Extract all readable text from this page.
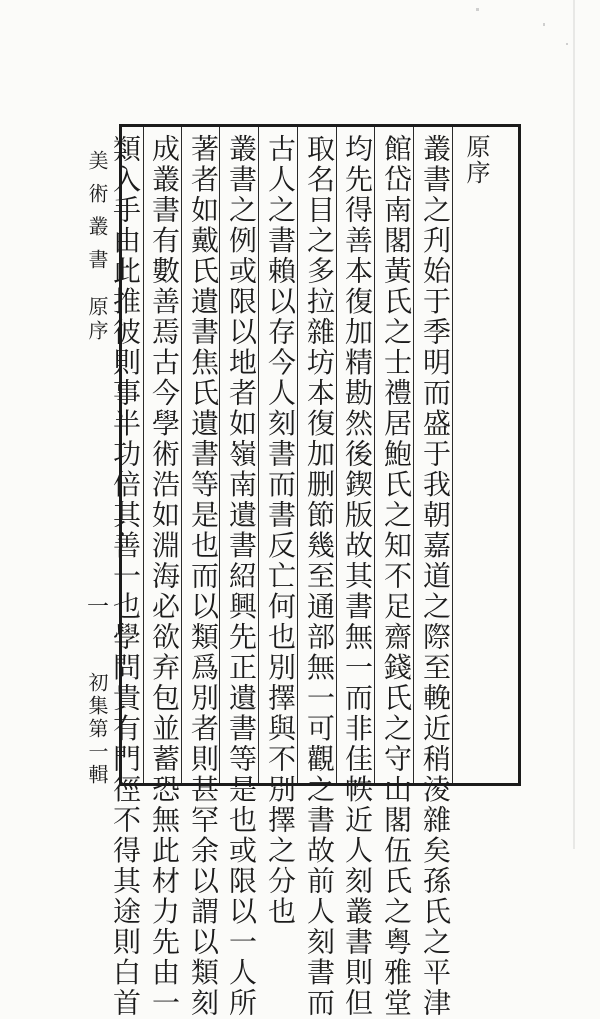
原序
叢書之刋始于季明而盛于我朝嘉道之際至輓近稍淩雜矣孫氏之平津
館岱南閣黃氏之士禮居鮑氏之知不足齋錢氏之守山閣伍氏之粤雅堂
均先得善本復加精勘然後鍥版故其書無一而非佳帙近人刻叢書則但
取名目之多拉雜坊本復加删節幾至通部無一可觀之書故前人刻書而
古人之書賴以存今人刻書而書反亡何也別擇與不別擇之分也
叢書之例或限以地者如嶺南遺書紹興先正遺書等是也或限以一人所
著者如戴氏遺書焦氏遺書等是也而以類爲別者則甚罕余以謂以類刻
成叢書有數善焉古今學術浩如淵海必欲弃包並蓄恐無此材力先由一
類入手由此推彼則事半功倍其善一也學問貴有門徑不得其途則白首
美術叢書
原序
一
初集第一輯
